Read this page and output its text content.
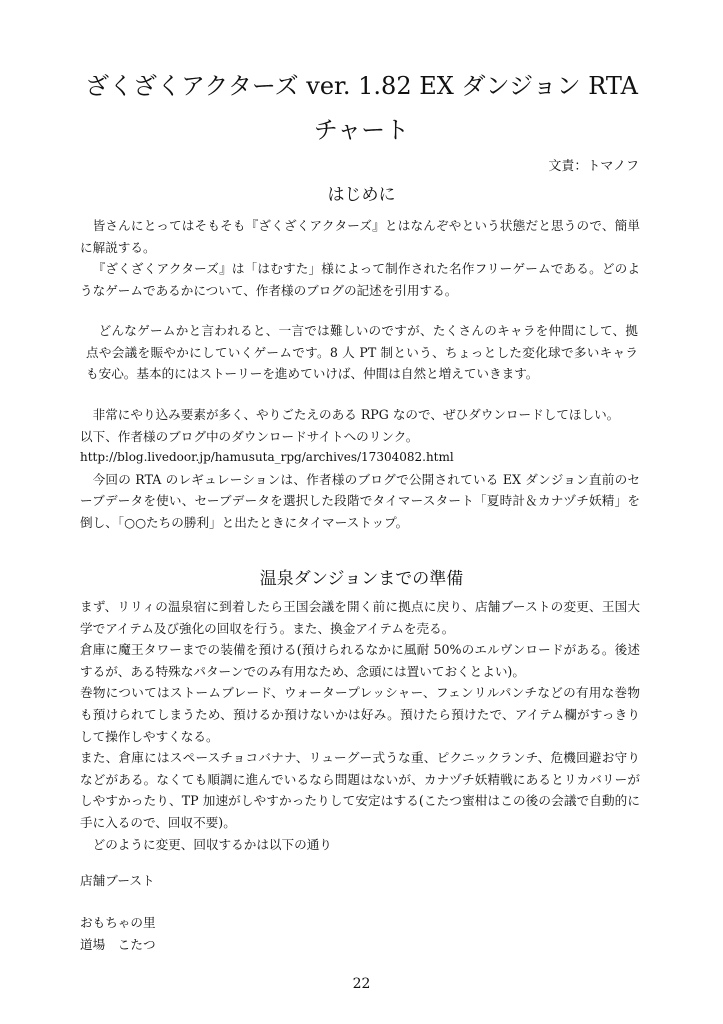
ざくざくアクターズ ver. 1.82 EX ダンジョン RTA
チャート
文責：トマノフ
はじめに

皆さんにとってはそもそも『ざくざくアクターズ』とはなんぞやという状態だと思うので、簡単に解説する。

『ざくざくアクターズ』は「はむすた」様によって制作された名作フリーゲームである。どのようなゲームであるかについて、作者様のブログの記述を引用する。

どんなゲームかと言われると、一言では難しいのですが、たくさんのキャラを仲間にして、拠点や会議を賑やかにしていくゲームです。8 人 PT 制という、ちょっとした変化球で多いキャラも安心。基本的にはストーリーを進めていけば、仲間は自然と増えていきます。

非常にやり込み要素が多く、やりごたえのある RPG なので、ぜひダウンロードしてほしい。

以下、作者様のブログ中のダウンロードサイトへのリンク。

http://blog.livedoor.jp/hamusuta_rpg/archives/17304082.html

今回の RTA のレギュレーションは、作者様のブログで公開されている EX ダンジョン直前のセーブデータを使い、セーブデータを選択した段階でタイマースタート「夏時計＆カナヅチ妖精」を倒し、「○○たちの勝利」と出たときにタイマーストップ。

温泉ダンジョンまでの準備

まず、リリィの温泉宿に到着したら王国会議を開く前に拠点に戻り、店舗ブーストの変更、王国大学でアイテム及び強化の回収を行う。また、換金アイテムを売る。

倉庫に魔王タワーまでの装備を預ける(預けられるなかに風耐 50%のエルヴンロードがある。後述するが、ある特殊なパターンでのみ有用なため、念頭には置いておくとよい)。

巻物についてはストームブレード、ウォータープレッシャー、フェンリルパンチなどの有用な巻物も預けられてしまうため、預けるか預けないかは好み。預けたら預けたで、アイテム欄がすっきりして操作しやすくなる。

また、倉庫にはスペースチョコバナナ、リューグー式うな重、ピクニックランチ、危機回避お守りなどがある。なくても順調に進んでいるなら問題はないが、カナヅチ妖精戦にあるとリカバリーがしやすかったり、TP 加速がしやすかったりして安定はする(こたつ蜜柑はこの後の会議で自動的に手に入るので、回収不要)。

どのように変更、回収するかは以下の通り

店舗ブースト
おもちゃの里
道場　こたつ
22
